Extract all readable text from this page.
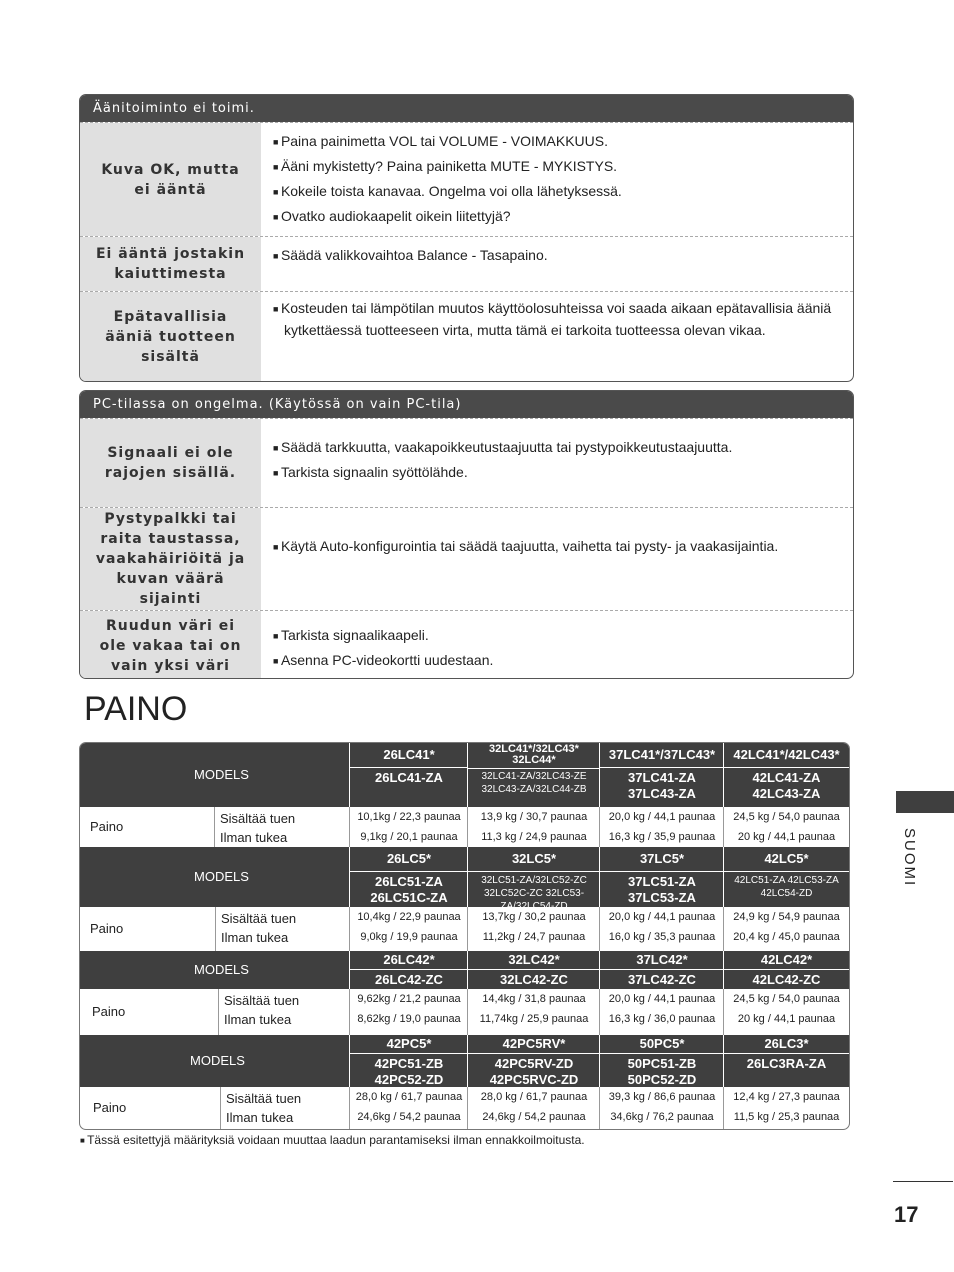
Äänitoiminto ei toimi.
Kuva OK, mutta ei ääntä
■ Paina painimetta VOL tai VOLUME - VOIMAKKUUS.
■ Ääni mykistetty? Paina painiketta MUTE - MYKISTYS.
■ Kokeile toista kanavaa. Ongelma voi olla lähetyksessä.
■ Ovatko audiokaapelit oikein liitettyjä?
Ei ääntä jostakin kaiuttimesta
■ Säädä valikkovaihtoa Balance - Tasapaino.
Epätavallisia ääniä tuotteen sisältä
■ Kosteuden tai lämpötilan muutos käyttöolosuhteissa voi saada aikaan epätavallisia ääniä kytkettäessä tuotteeseen virta, mutta tämä ei tarkoita tuotteessa olevan vikaa.
PC-tilassa on ongelma. (Käytössä on vain PC-tila)
Signaali ei ole rajojen sisällä.
■ Säädä tarkkuutta, vaakapoikkeutustaajuutta tai pystypoikkeutustaajuutta.
■ Tarkista signaalin syöttölähde.
Pystypalkki tai raita taustassa, vaakahäiriöitä ja kuvan väärä sijainti
■ Käytä Auto-konfigurointia tai säädä taajuutta, vaihetta tai pysty- ja vaakasijaintia.
Ruudun väri ei ole vakaa tai on vain yksi väri
■ Tarkista signaalikaapeli.
■ Asenna PC-videokortti uudestaan.
PAINO
MODELS
26LC41*
26LC41-ZA
32LC41*/32LC43* 32LC44*
32LC41-ZA/32LC43-ZE 32LC43-ZA/32LC44-ZB
37LC41*/37LC43*
37LC41-ZA 37LC43-ZA
42LC41*/42LC43*
42LC41-ZA 42LC43-ZA
Paino
Sisältää tuen
Ilman tukea
10,1kg / 22,3 paunaa
9,1kg / 20,1 paunaa
13,9 kg / 30,7 paunaa
11,3 kg / 24,9 paunaa
20,0 kg / 44,1 paunaa
16,3 kg / 35,9 paunaa
24,5 kg / 54,0 paunaa
20 kg / 44,1 paunaa
MODELS
26LC5*
26LC51-ZA 26LC51C-ZA
32LC5*
32LC51-ZA/32LC52-ZC 32LC52C-ZC 32LC53-ZA/32LC54-ZD
37LC5*
37LC51-ZA 37LC53-ZA
42LC5*
42LC51-ZA 42LC53-ZA 42LC54-ZD
Paino
Sisältää tuen
Ilman tukea
10,4kg / 22,9 paunaa
9,0kg / 19,9 paunaa
13,7kg / 30,2 paunaa
11,2kg / 24,7 paunaa
20,0 kg / 44,1 paunaa
16,0 kg / 35,3 paunaa
24,9 kg / 54,9 paunaa
20,4 kg / 45,0 paunaa
MODELS
26LC42*
26LC42-ZC
32LC42*
32LC42-ZC
37LC42*
37LC42-ZC
42LC42*
42LC42-ZC
Paino
Sisältää tuen
Ilman tukea
9,62kg / 21,2 paunaa
8,62kg / 19,0 paunaa
14,4kg / 31,8 paunaa
11,74kg / 25,9 paunaa
20,0 kg / 44,1 paunaa
16,3 kg / 36,0 paunaa
24,5 kg / 54,0 paunaa
20 kg / 44,1 paunaa
MODELS
42PC5*
42PC51-ZB 42PC52-ZD
42PC5RV*
42PC5RV-ZD 42PC5RVC-ZD
50PC5*
50PC51-ZB 50PC52-ZD
26LC3*
26LC3RA-ZA
Paino
Sisältää tuen
Ilman tukea
28,0 kg / 61,7 paunaa
24,6kg / 54,2 paunaa
28,0 kg / 61,7 paunaa
24,6kg / 54,2 paunaa
39,3 kg / 86,6 paunaa
34,6kg / 76,2 paunaa
12,4 kg / 27,3 paunaa
11,5 kg / 25,3 paunaa
■ Tässä esitettyjä määrityksiä voidaan muuttaa laadun parantamiseksi ilman ennakkoilmoitusta.
SUOMI
17
